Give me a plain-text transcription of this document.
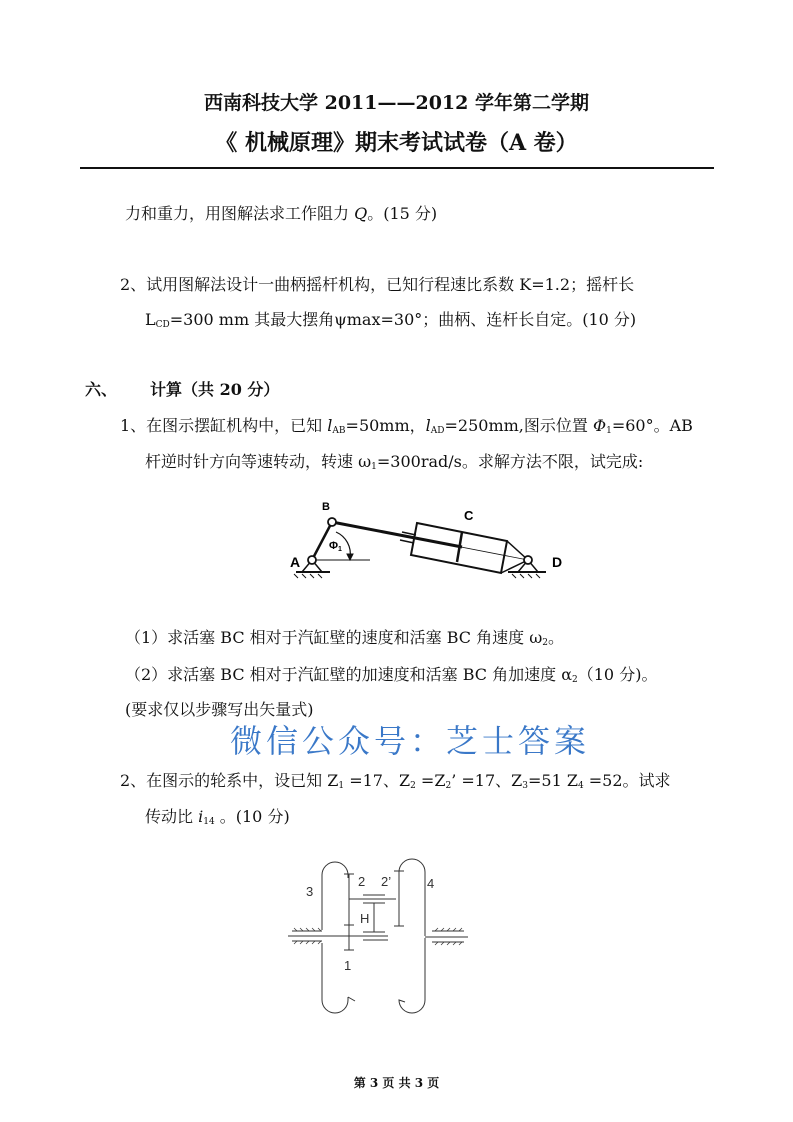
西南科技大学 2011——2012 学年第二学期
《 机械原理》期末考试试卷（A 卷）
力和重力，用图解法求工作阻力 Q。(15 分)
2、试用图解法设计一曲柄摇杆机构，已知行程速比系数 K=1.2；摇杆长
$L_{CD}=300$ mm 其最大摆角ψmax=30°；曲柄、连杆长自定。(10 分)
六、 计算（共 20 分）
1、在图示摆缸机构中，已知 $l_{AB}=50mm$，$l_{AD}=250mm$,图示位置 $\Phi_1=60^\circ$。AB
杆逆时针方向等速转动，转速 $\omega_1=300rad/s$。求解方法不限，试完成:
A
B
C
D
Φ1
（1）求活塞 BC 相对于汽缸壁的速度和活塞 BC 角速度 $\omega_2$。
（2）求活塞 BC 相对于汽缸壁的加速度和活塞 BC 角加速度 $\alpha_2(10$ 分)。
(要求仅以步骤写出矢量式)
微信公众号：芝士答案
2、在图示的轮系中，设已知 $Z_1 =17$、$Z_2 =Z_2$’ =17、$Z_3=51$ $Z_4 =52$。试求
传动比 $i_{14}$ 。(10 分)
3
2 2’	4
H
1
第 3 页 共 3 页
